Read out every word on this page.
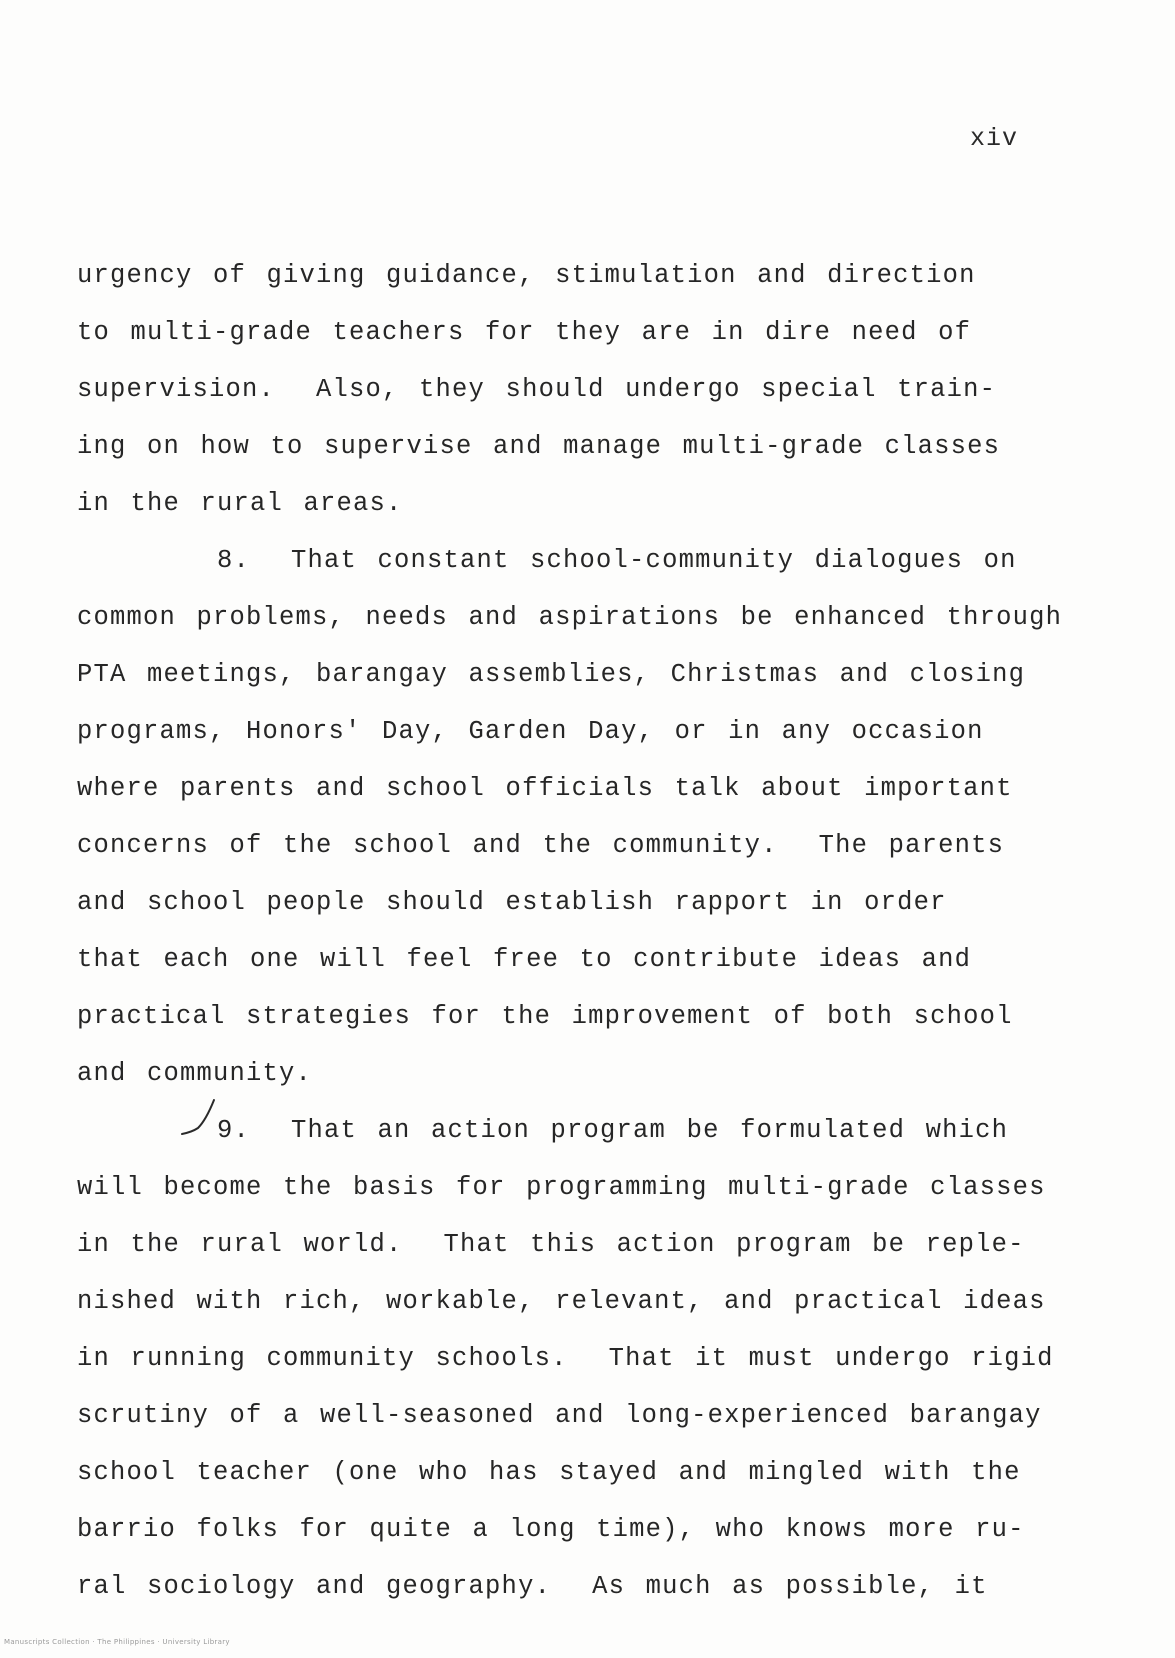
xiv
urgency of giving guidance, stimulation and direction
to multi-grade teachers for they are in dire need of
supervision.  Also, they should undergo special train-
ing on how to supervise and manage multi-grade classes
in the rural areas.
8.  That constant school-community dialogues on
common problems, needs and aspirations be enhanced through
PTA meetings, barangay assemblies, Christmas and closing
programs, Honors' Day, Garden Day, or in any occasion
where parents and school officials talk about important
concerns of the school and the community.  The parents
and school people should establish rapport in order
that each one will feel free to contribute ideas and
practical strategies for the improvement of both school
and community.
9.  That an action program be formulated which
will become the basis for programming multi-grade classes
in the rural world.  That this action program be reple-
nished with rich, workable, relevant, and practical ideas
in running community schools.  That it must undergo rigid
scrutiny of a well-seasoned and long-experienced barangay
school teacher (one who has stayed and mingled with the
barrio folks for quite a long time), who knows more ru-
ral sociology and geography.  As much as possible, it
Manuscripts Collection · The Philippines · University Library
